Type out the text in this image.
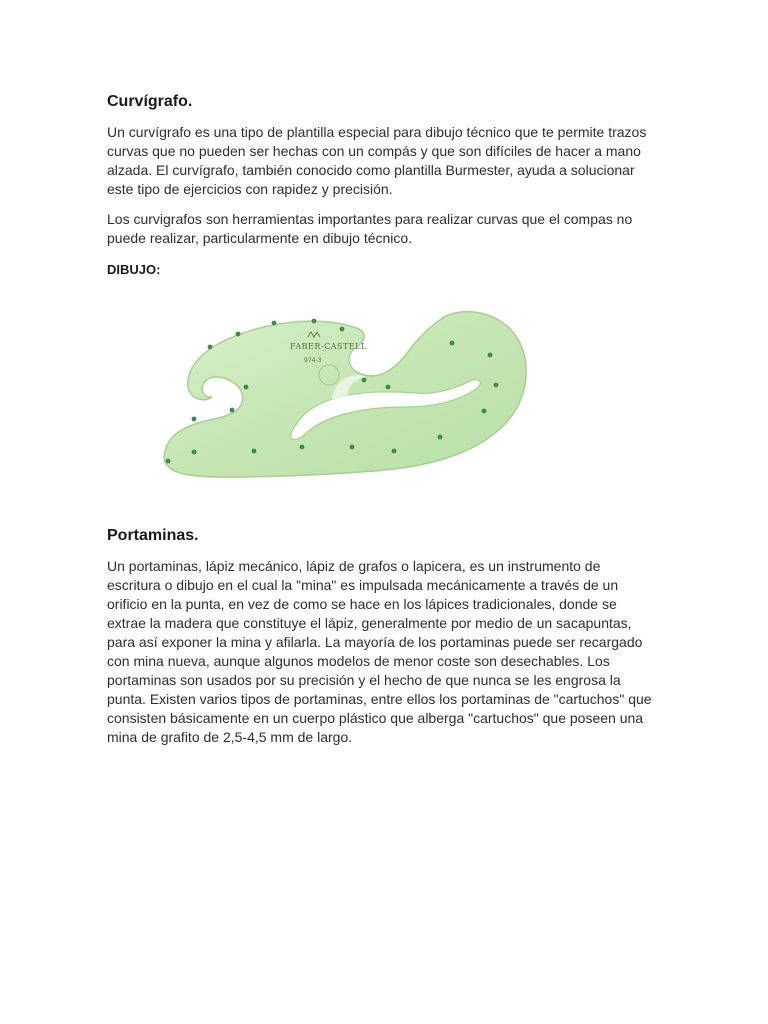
Curvígrafo.

Un curvígrafo es una tipo de plantilla especial para dibujo técnico que te permite trazos curvas que no pueden ser hechas con un compás y que son difíciles de hacer a mano alzada. El curvígrafo, también conocido como plantilla Burmester, ayuda a solucionar este tipo de ejercicios con rapidez y precisión.

Los curvigrafos son herramientas importantes para realizar curvas que el compas no puede realizar, particularmente en dibujo técnico.

DIBUJO:
FABER-CASTELL
974-3
Portaminas.

Un portaminas, lápiz mecánico, lápiz de grafos o lapicera, es un instrumento de escritura o dibujo en el cual la "mina" es impulsada mecánicamente a través de un orificio en la punta, en vez de como se hace en los lápices tradicionales, donde se extrae la madera que constituye el lápiz, generalmente por medio de un sacapuntas, para así exponer la mina y afilarla. La mayoría de los portaminas puede ser recargado con mina nueva, aunque algunos modelos de menor coste son desechables. Los portaminas son usados por su precisión y el hecho de que nunca se les engrosa la punta. Existen varios tipos de portaminas, entre ellos los portaminas de "cartuchos" que consisten básicamente en un cuerpo plástico que alberga "cartuchos" que poseen una mina de grafito de 2,5-4,5 mm de largo.
